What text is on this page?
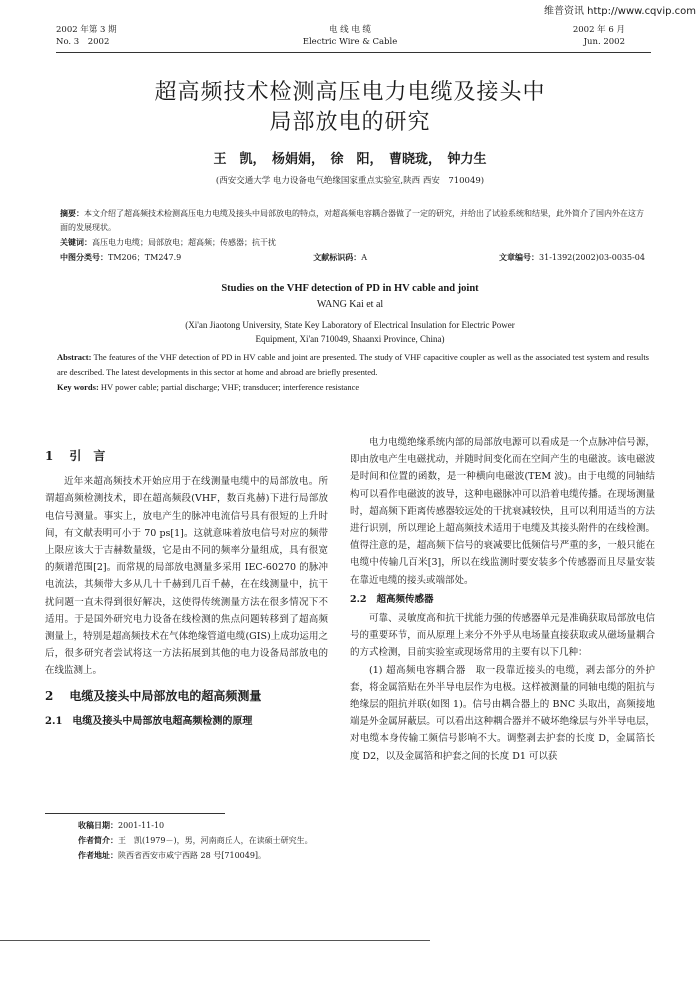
维普资讯 http://www.cqvip.com
2002 年第 3 期
No. 3　2002
电 线 电 缆
Electric Wire & Cable
2002 年 6 月
Jun. 2002
超高频技术检测高压电力电缆及接头中
局部放电的研究
王　凯，　杨娟娟，　徐　阳，　曹晓珑，　钟力生
(西安交通大学 电力设备电气绝缘国家重点实验室,陕西 西安　710049)
摘要：本文介绍了超高频技术检测高压电力电缆及接头中局部放电的特点，对超高频电容耦合器做了一定的研究，并给出了试验系统和结果，此外简介了国内外在这方面的发展现状。
关键词：高压电力电缆；局部放电；超高频；传感器；抗干扰
中图分类号：TM206；TM247.9	文献标识码：A	文章编号：31-1392(2002)03-0035-04
Studies on the VHF detection of PD in HV cable and joint
WANG Kai et al
(Xi'an Jiaotong University, State Key Laboratory of Electrical Insulation for Electric Power
Equipment, Xi'an 710049, Shaanxi Province, China)
Abstract: The features of the VHF detection of PD in HV cable and joint are presented. The study of VHF capacitive coupler as well as the associated test system and results are described. The latest developments in this sector at home and abroad are briefly presented.
Key words: HV power cable; partial discharge; VHF; transducer; interference resistance
1 引　言

近年来超高频技术开始应用于在线测量电缆中的局部放电。所谓超高频检测技术，即在超高频段(VHF，数百兆赫)下进行局部放电信号测量。事实上，放电产生的脉冲电流信号具有很短的上升时间，有文献表明可小于 70 ps[1]。这就意味着放电信号对应的频带上限应该大于吉赫数量级，它是由不同的频率分量组成，具有很宽的频谱范围[2]。而常规的局部放电测量多采用 IEC-60270 的脉冲电流法，其频带大多从几十千赫到几百千赫，在在线测量中，抗干扰问题一直未得到很好解决，这使得传统测量方法在很多情况下不适用。于是国外研究电力设备在线检测的焦点问题转移到了超高频测量上，特别是超高频技术在气体绝缘管道电缆(GIS)上成功运用之后，很多研究者尝试将这一方法拓展到其他的电力设备局部放电的在线监测上。

2 电缆及接头中局部放电的超高频测量
2.1 电缆及接头中局部放电超高频检测的原理
收稿日期：2001-11-10
作者简介：王　凯(1979－)，男，河南商丘人，在读硕士研究生。
作者地址：陕西省西安市咸宁西路 28 号[710049]。

电力电缆绝缘系统内部的局部放电源可以看成是一个点脉冲信号源，即由放电产生电磁扰动，并随时间变化而在空间产生的电磁波。该电磁波是时间和位置的函数，是一种横向电磁波(TEM 波)。由于电缆的同轴结构可以看作电磁波的波导，这种电磁脉冲可以沿着电缆传播。在现场测量时，超高频下距离传感器较远处的干扰衰减较快，且可以利用适当的方法进行识别，所以理论上超高频技术适用于电缆及其接头附件的在线检测。值得注意的是，超高频下信号的衰减要比低频信号严重的多，一般只能在电缆中传输几百米[3]，所以在线监测时要安装多个传感器而且尽量安装在靠近电缆的接头或端部处。

2.2 超高频传感器

可靠、灵敏度高和抗干扰能力强的传感器单元是准确获取局部放电信号的重要环节，而从原理上来分不外乎从电场量直接获取或从磁场量耦合的方式检测，目前实验室或现场常用的主要有以下几种：

(1) 超高频电容耦合器　取一段靠近接头的电缆，剥去部分的外护套，将金属箔贴在外半导电层作为电极。这样被测量的同轴电缆的阻抗与绝缘层的阻抗并联(如图 1)。信号由耦合器上的 BNC 头取出，高频接地端是外金属屏蔽层。可以看出这种耦合器并不破坏绝缘层与外半导电层，对电缆本身传输工频信号影响不大。调整剥去护套的长度 D，金属箔长度 D2，以及金属箔和护套之间的长度 D1 可以获
